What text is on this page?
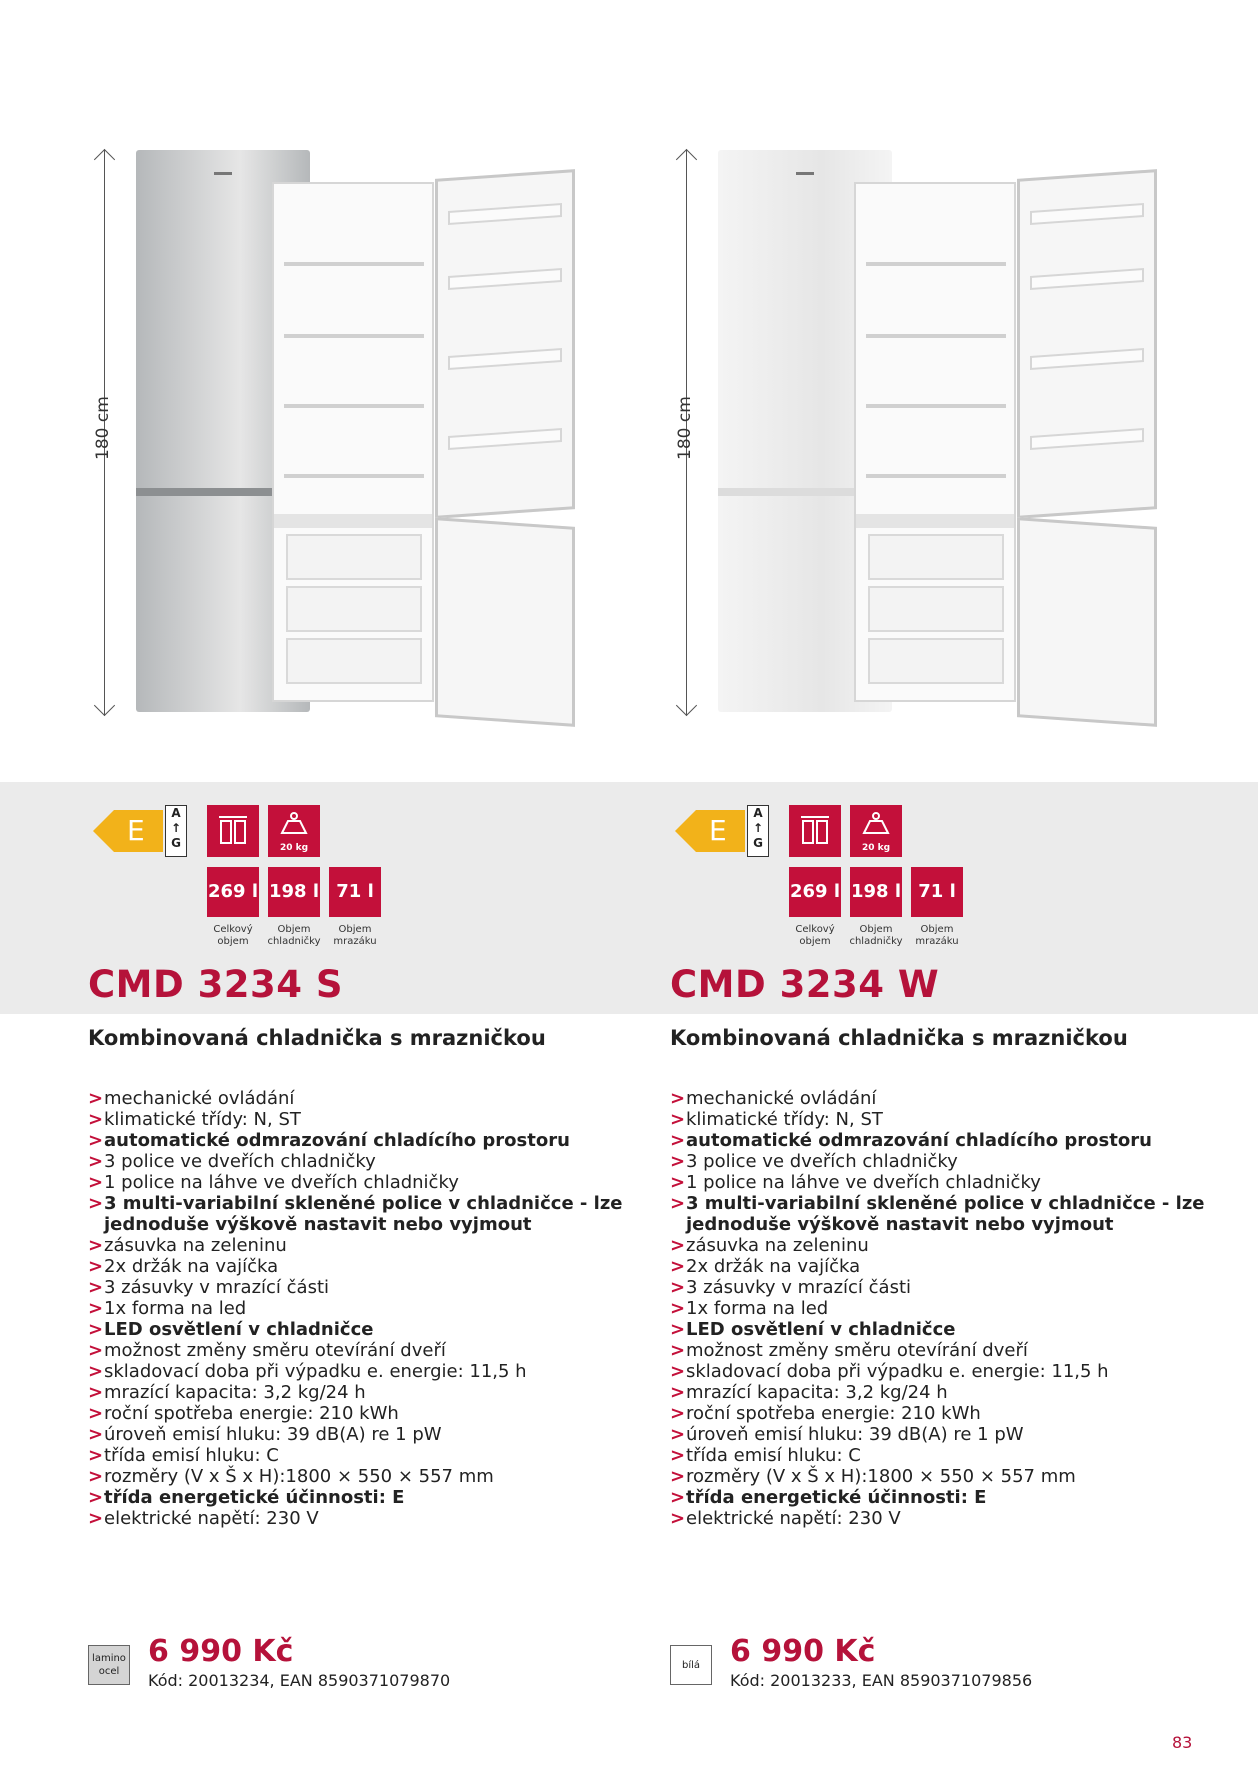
180 cm
E
A
↑
G	20 kg
269 l 198 l 71 l
Celkový
objem
Objem
chladničky
Objem
mrazáku
CMD 3234 S
Kombinovaná chladnička s mrazničkou
> mechanické ovládání
> klimatické třídy: N, ST
> automatické odmrazování chladícího prostoru
> 3 police ve dveřích chladničky
> 1 police na láhve ve dveřích chladničky
> 3 multi-variabilní skleněné police v chladničce - lze
jednoduše výškově nastavit nebo vyjmout
> zásuvka na zeleninu
> 2x držák na vajíčka
> 3 zásuvky v mrazící části
> 1x forma na led
> LED osvětlení v chladničce
> možnost změny směru otevírání dveří
> skladovací doba při výpadku e. energie: 11,5 h
> mrazící kapacita: 3,2 kg/24 h
> roční spotřeba energie: 210 kWh
> úroveň emisí hluku: 39 dB(A) re 1 pW
> třída emisí hluku: C
> rozměry (V x Š x H):1800 × 550 × 557 mm
> třída energetické účinnosti: E
> elektrické napětí: 230 V
lamino
ocel
6 990 Kč
Kód: 20013234, EAN 8590371079870
180 cm
E
A
↑
G	20 kg
269 l 198 l 71 l
Celkový
objem
Objem
chladničky
Objem
mrazáku
CMD 3234 W
Kombinovaná chladnička s mrazničkou
> mechanické ovládání
> klimatické třídy: N, ST
> automatické odmrazování chladícího prostoru
> 3 police ve dveřích chladničky
> 1 police na láhve ve dveřích chladničky
> 3 multi-variabilní skleněné police v chladničce - lze
jednoduše výškově nastavit nebo vyjmout
> zásuvka na zeleninu
> 2x držák na vajíčka
> 3 zásuvky v mrazící části
> 1x forma na led
> LED osvětlení v chladničce
> možnost změny směru otevírání dveří
> skladovací doba při výpadku e. energie: 11,5 h
> mrazící kapacita: 3,2 kg/24 h
> roční spotřeba energie: 210 kWh
> úroveň emisí hluku: 39 dB(A) re 1 pW
> třída emisí hluku: C
> rozměry (V x Š x H):1800 × 550 × 557 mm
> třída energetické účinnosti: E
> elektrické napětí: 230 V
bílá 6 990 Kč
Kód: 20013233, EAN 8590371079856
83
